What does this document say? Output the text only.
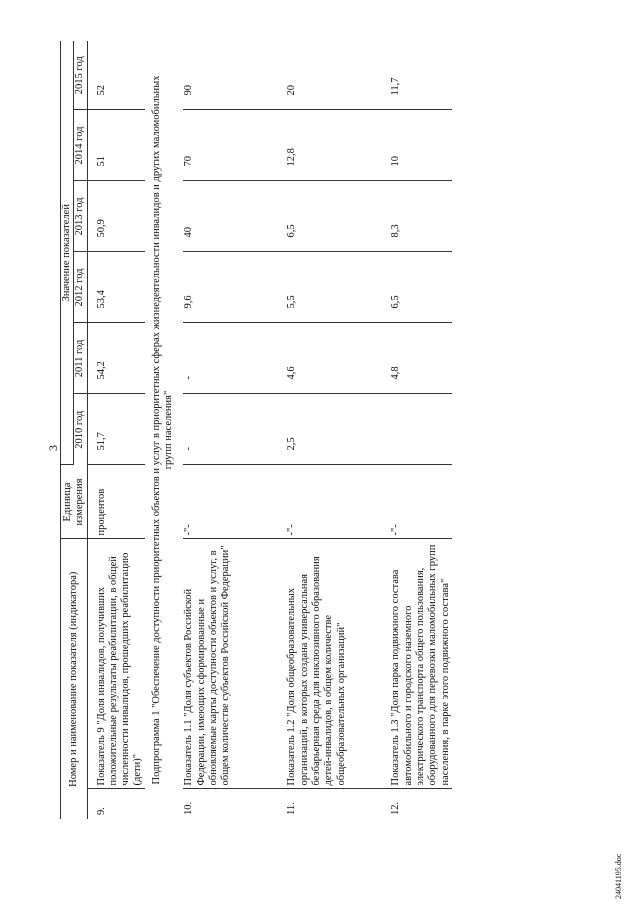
3
Номер и наименование показателя (индикатора)		Единица измерения	Значение показателей					
			2010 год	2011 год	2012 год	2013 год	2014 год	2015 год
9.	Показатель 9 "Доля инвалидов, получивших положительные результаты реабилитации, в общей численности инвалидов, прошедших реабилитацию (дети)"	процентов	51,7	54,2	53,4	50,9	51	52
Подпрограмма 1 "Обеспечение доступности приоритетных объектов и услуг в приоритетных сферах жизнедеятельности инвалидов и других маломобильных групп населения"								
10.	Показатель 1.1 "Доля субъектов Российской Федерации, имеющих сформированные и обновляемые карты доступности объектов и услуг, в общем количестве субъектов Российской Федерации"	-"-	-	-	9,6	40	70	90
11.	Показатель 1.2 "Доля общеобразовательных организаций, в которых создана универсальная безбарьерная среда для инклюзивного образования детей-инвалидов, в общем количестве общеобразовательных организаций"	-"-	2,5	4,6	5,5	6,5	12,8	20
12.	Показатель 1.3 "Доля парка подвижного состава автомобильного и городского наземного электрического транспорта общего пользования, оборудованного для перевозки маломобильных групп населения, в парке этого подвижного состава"	-"-		4,8	6,5	8,3	10	11,7
24041195.doc
